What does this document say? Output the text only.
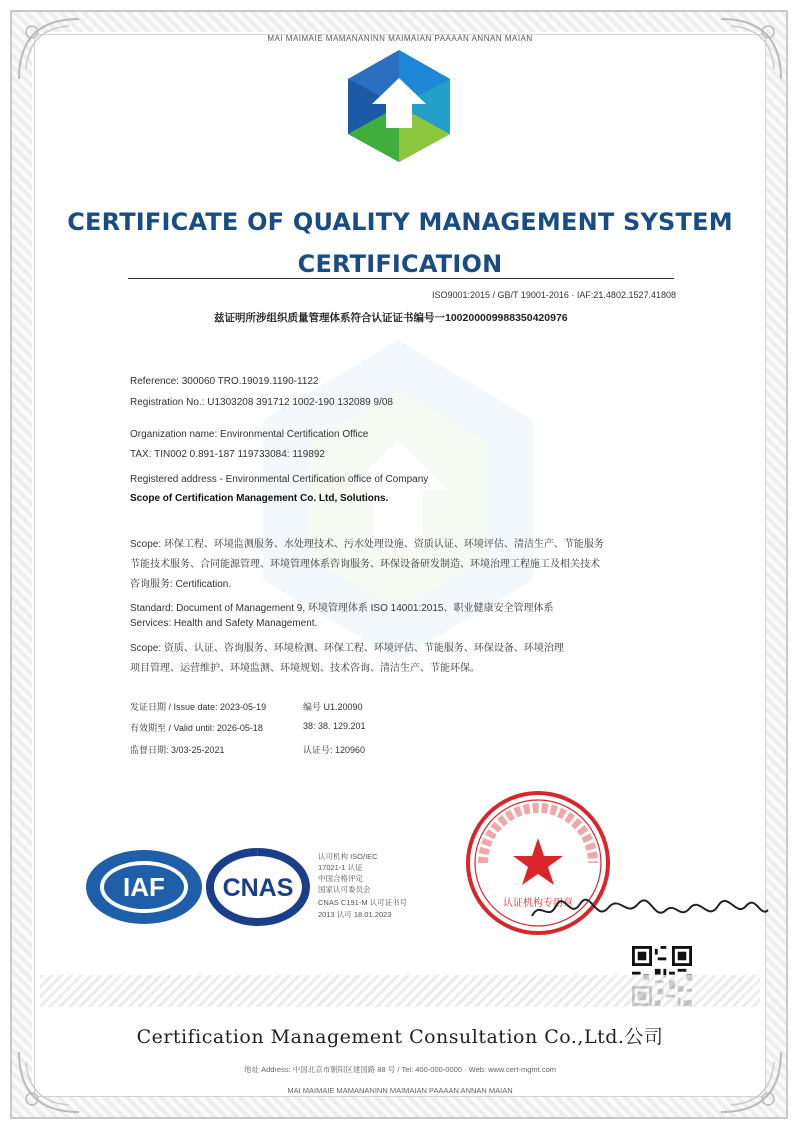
MAI MAIMAIE MAMANANINN MAIMAIAN PAAAAN ANNAN MAIAN
CERTIFICATE OF QUALITY MANAGEMENT SYSTEM
CERTIFICATION
ISO9001:2015 / GB/T 19001-2016 · IAF:21.4802.1527.41808
兹证明所涉组织质量管理体系符合认证证书编号一100200009988350420976
Reference: 300060 TRO.19019.1190-1122
Registration No.: U1303208 391712 1002-190 132089 9/08
Organization name: Environmental Certification Office
TAX: TIN002 0.891-187 119733084: 119892
Registered address - Environmental Certification office of Company
Scope of Certification Management Co. Ltd, Solutions.
Scope: 环保工程、环境监测服务、水处理技术、污水处理设施、资质认证、环境评估、清洁生产、节能服务
节能技术服务、合同能源管理、环境管理体系咨询服务、环保设备研发制造、环境治理工程施工及相关技术
咨询服务: Certification.
Standard: Document of Management 9, 环境管理体系 ISO 14001:2015、职业健康安全管理体系
Services: Health and Safety Management.
Scope: 资质、认证、咨询服务、环境检测、环保工程、环境评估、节能服务、环保设备、环境治理
项目管理、运营维护、环境监测、环境规划、技术咨询、清洁生产、节能环保。
发证日期 / Issue date: 2023-05-19	编号 U1.20090
有效期至 / Valid until: 2026-05-18	38: 38. 129.201
监督日期: 3/03-25-2021	认证号: 120960
IAF CNAS
认可机构 ISO/IEC
17021-1 认证
中国合格评定
国家认可委员会
CNAS C191-M 认可证书号
2013 认可 18.01.2023
认证机构专用章
Certification Management Consultation Co.,Ltd.公司
地址 Address: 中国北京市朝阳区建国路 88 号 / Tel: 400-000-0000 · Web: www.cert-mgmt.com
MAI MAIMAIE MAMANANINN MAIMAIAN PAAAAN ANNAN MAIAN
